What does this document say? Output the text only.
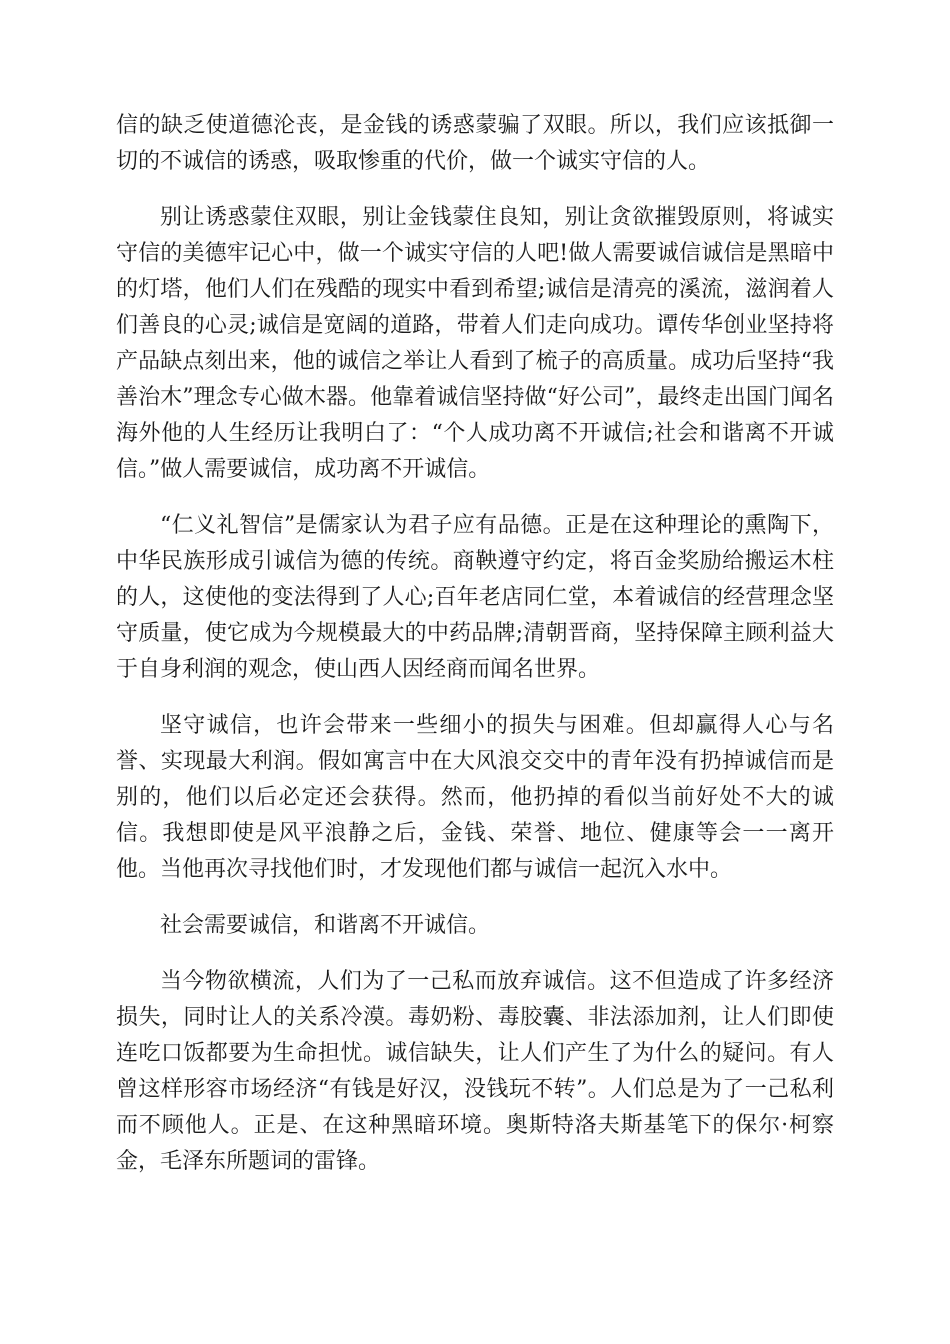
信的缺乏使道德沦丧，是金钱的诱惑蒙骗了双眼。所以，我们应该抵御一切的不诚信的诱惑，吸取惨重的代价，做一个诚实守信的人。

别让诱惑蒙住双眼，别让金钱蒙住良知，别让贪欲摧毁原则，将诚实守信的美德牢记心中，做一个诚实守信的人吧!做人需要诚信诚信是黑暗中的灯塔，他们人们在残酷的现实中看到希望;诚信是清亮的溪流，滋润着人们善良的心灵;诚信是宽阔的道路，带着人们走向成功。谭传华创业坚持将产品缺点刻出来，他的诚信之举让人看到了梳子的高质量。成功后坚持“我善治木”理念专心做木器。他靠着诚信坚持做“好公司”，最终走出国门闻名海外他的人生经历让我明白了：“个人成功离不开诚信;社会和谐离不开诚信。”做人需要诚信，成功离不开诚信。

“仁义礼智信”是儒家认为君子应有品德。正是在这种理论的熏陶下，中华民族形成引诚信为德的传统。商鞅遵守约定，将百金奖励给搬运木柱的人，这使他的变法得到了人心;百年老店同仁堂，本着诚信的经营理念坚守质量，使它成为今规模最大的中药品牌;清朝晋商，坚持保障主顾利益大于自身利润的观念，使山西人因经商而闻名世界。

坚守诚信，也许会带来一些细小的损失与困难。但却赢得人心与名誉、实现最大利润。假如寓言中在大风浪交交中的青年没有扔掉诚信而是别的，他们以后必定还会获得。然而，他扔掉的看似当前好处不大的诚信。我想即使是风平浪静之后，金钱、荣誉、地位、健康等会一一离开他。当他再次寻找他们时，才发现他们都与诚信一起沉入水中。

社会需要诚信，和谐离不开诚信。

当今物欲横流，人们为了一己私而放弃诚信。这不但造成了许多经济损失，同时让人的关系冷漠。毒奶粉、毒胶囊、非法添加剂，让人们即使连吃口饭都要为生命担忧。诚信缺失，让人们产生了为什么的疑问。有人曾这样形容市场经济“有钱是好汉，没钱玩不转”。人们总是为了一己私利而不顾他人。正是、在这种黑暗环境。奥斯特洛夫斯基笔下的保尔·柯察金，毛泽东所题词的雷锋。
